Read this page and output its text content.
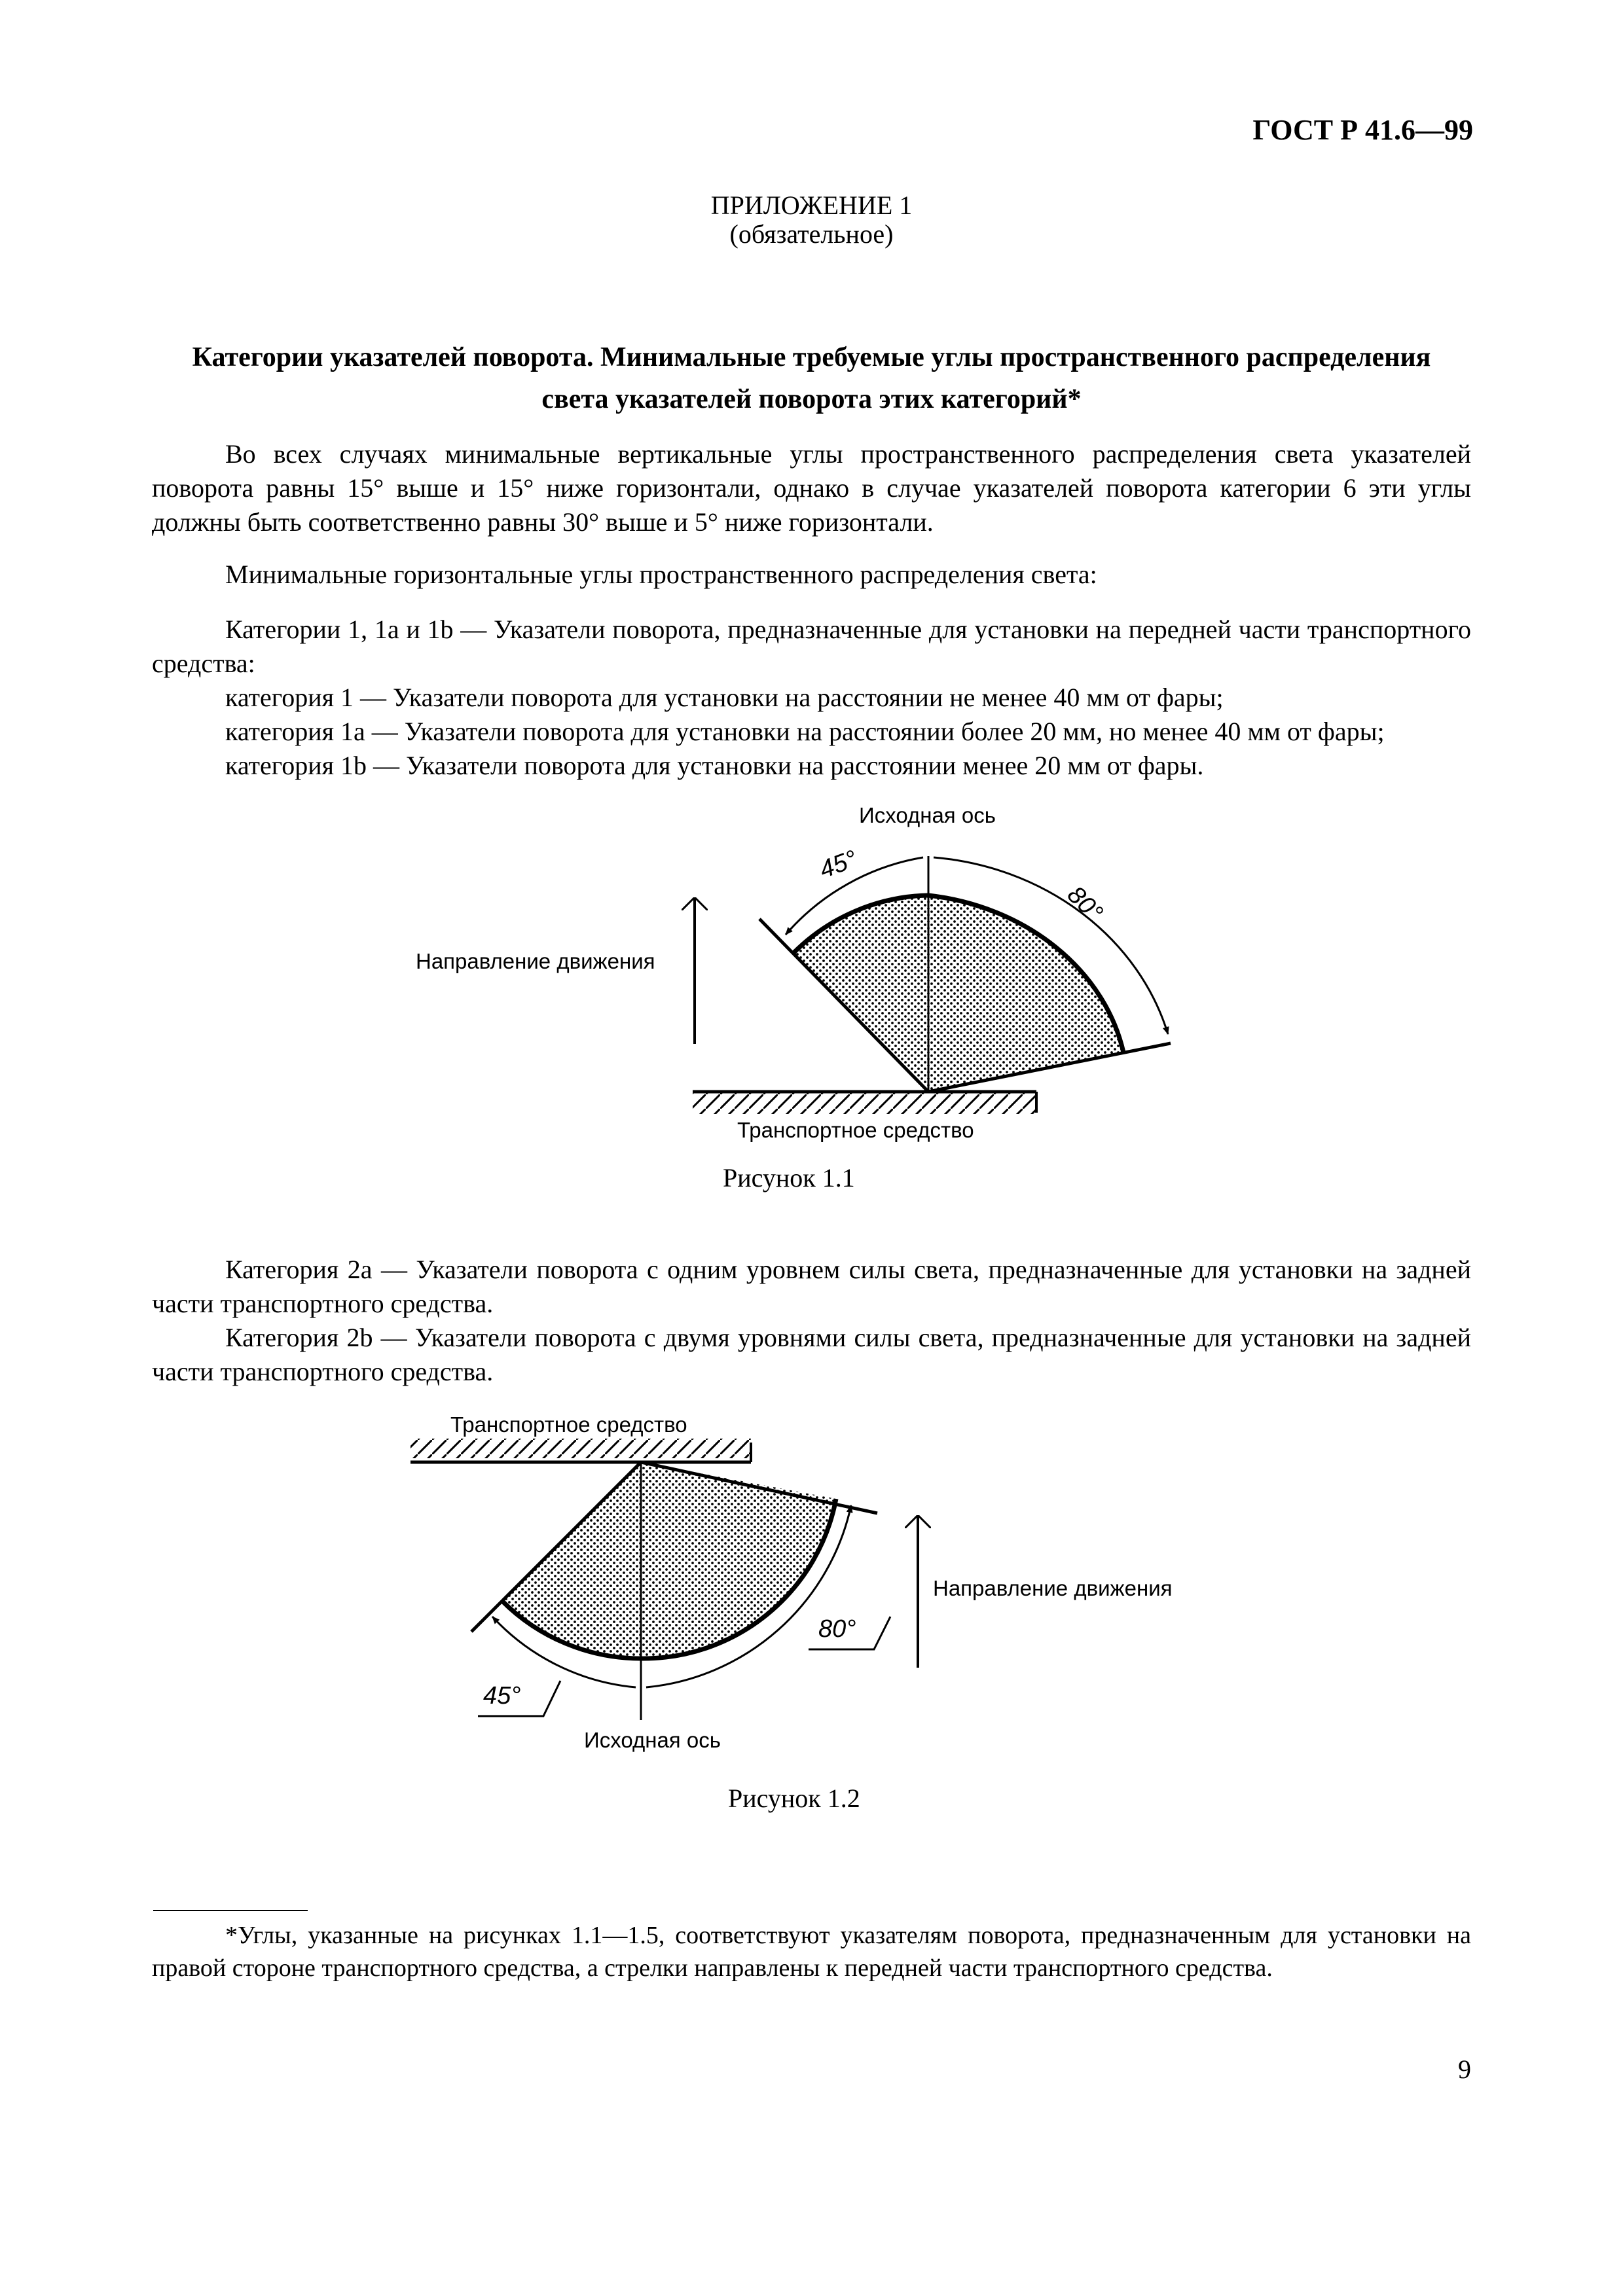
ГОСТ Р 41.6—99
ПРИЛОЖЕНИЕ 1
(обязательное)
Категории указателей поворота. Минимальные требуемые углы пространственного распределения
света указателей поворота этих категорий*
Во всех случаях минимальные вертикальные углы пространственного распределения света указателей поворота равны 15° выше и 15° ниже горизонтали, однако в случае указателей поворота категории 6 эти углы должны быть соответственно равны 30° выше и 5° ниже горизонтали.
Минимальные горизонтальные углы пространственного распределения света:
Категории 1, 1а и 1b — Указатели поворота, предназначенные для установки на передней части транспортного средства:
категория 1 — Указатели поворота для установки на расстоянии не менее 40 мм от фары;
категория 1а — Указатели поворота для установки на расстоянии более 20 мм, но менее 40 мм от фары;
категория 1b — Указатели поворота для установки на расстоянии менее 20 мм от фары.
Исходная ось
Направление движения
Транспортное средство
45°
80°
Рисунок 1.1
Категория 2а — Указатели поворота с одним уровнем силы света, предназначенные для установки на задней части транспортного средства.
Категория 2b — Указатели поворота с двумя уровнями силы света, предназначенные для установки на задней части транспортного средства.
Транспортное средство
Направление движения
Исходная ось
45°
80°
Рисунок 1.2
*Углы, указанные на рисунках 1.1—1.5, соответствуют указателям поворота, предназначенным для установки на правой стороне транспортного средства, а стрелки направлены к передней части транспортного средства.
9
